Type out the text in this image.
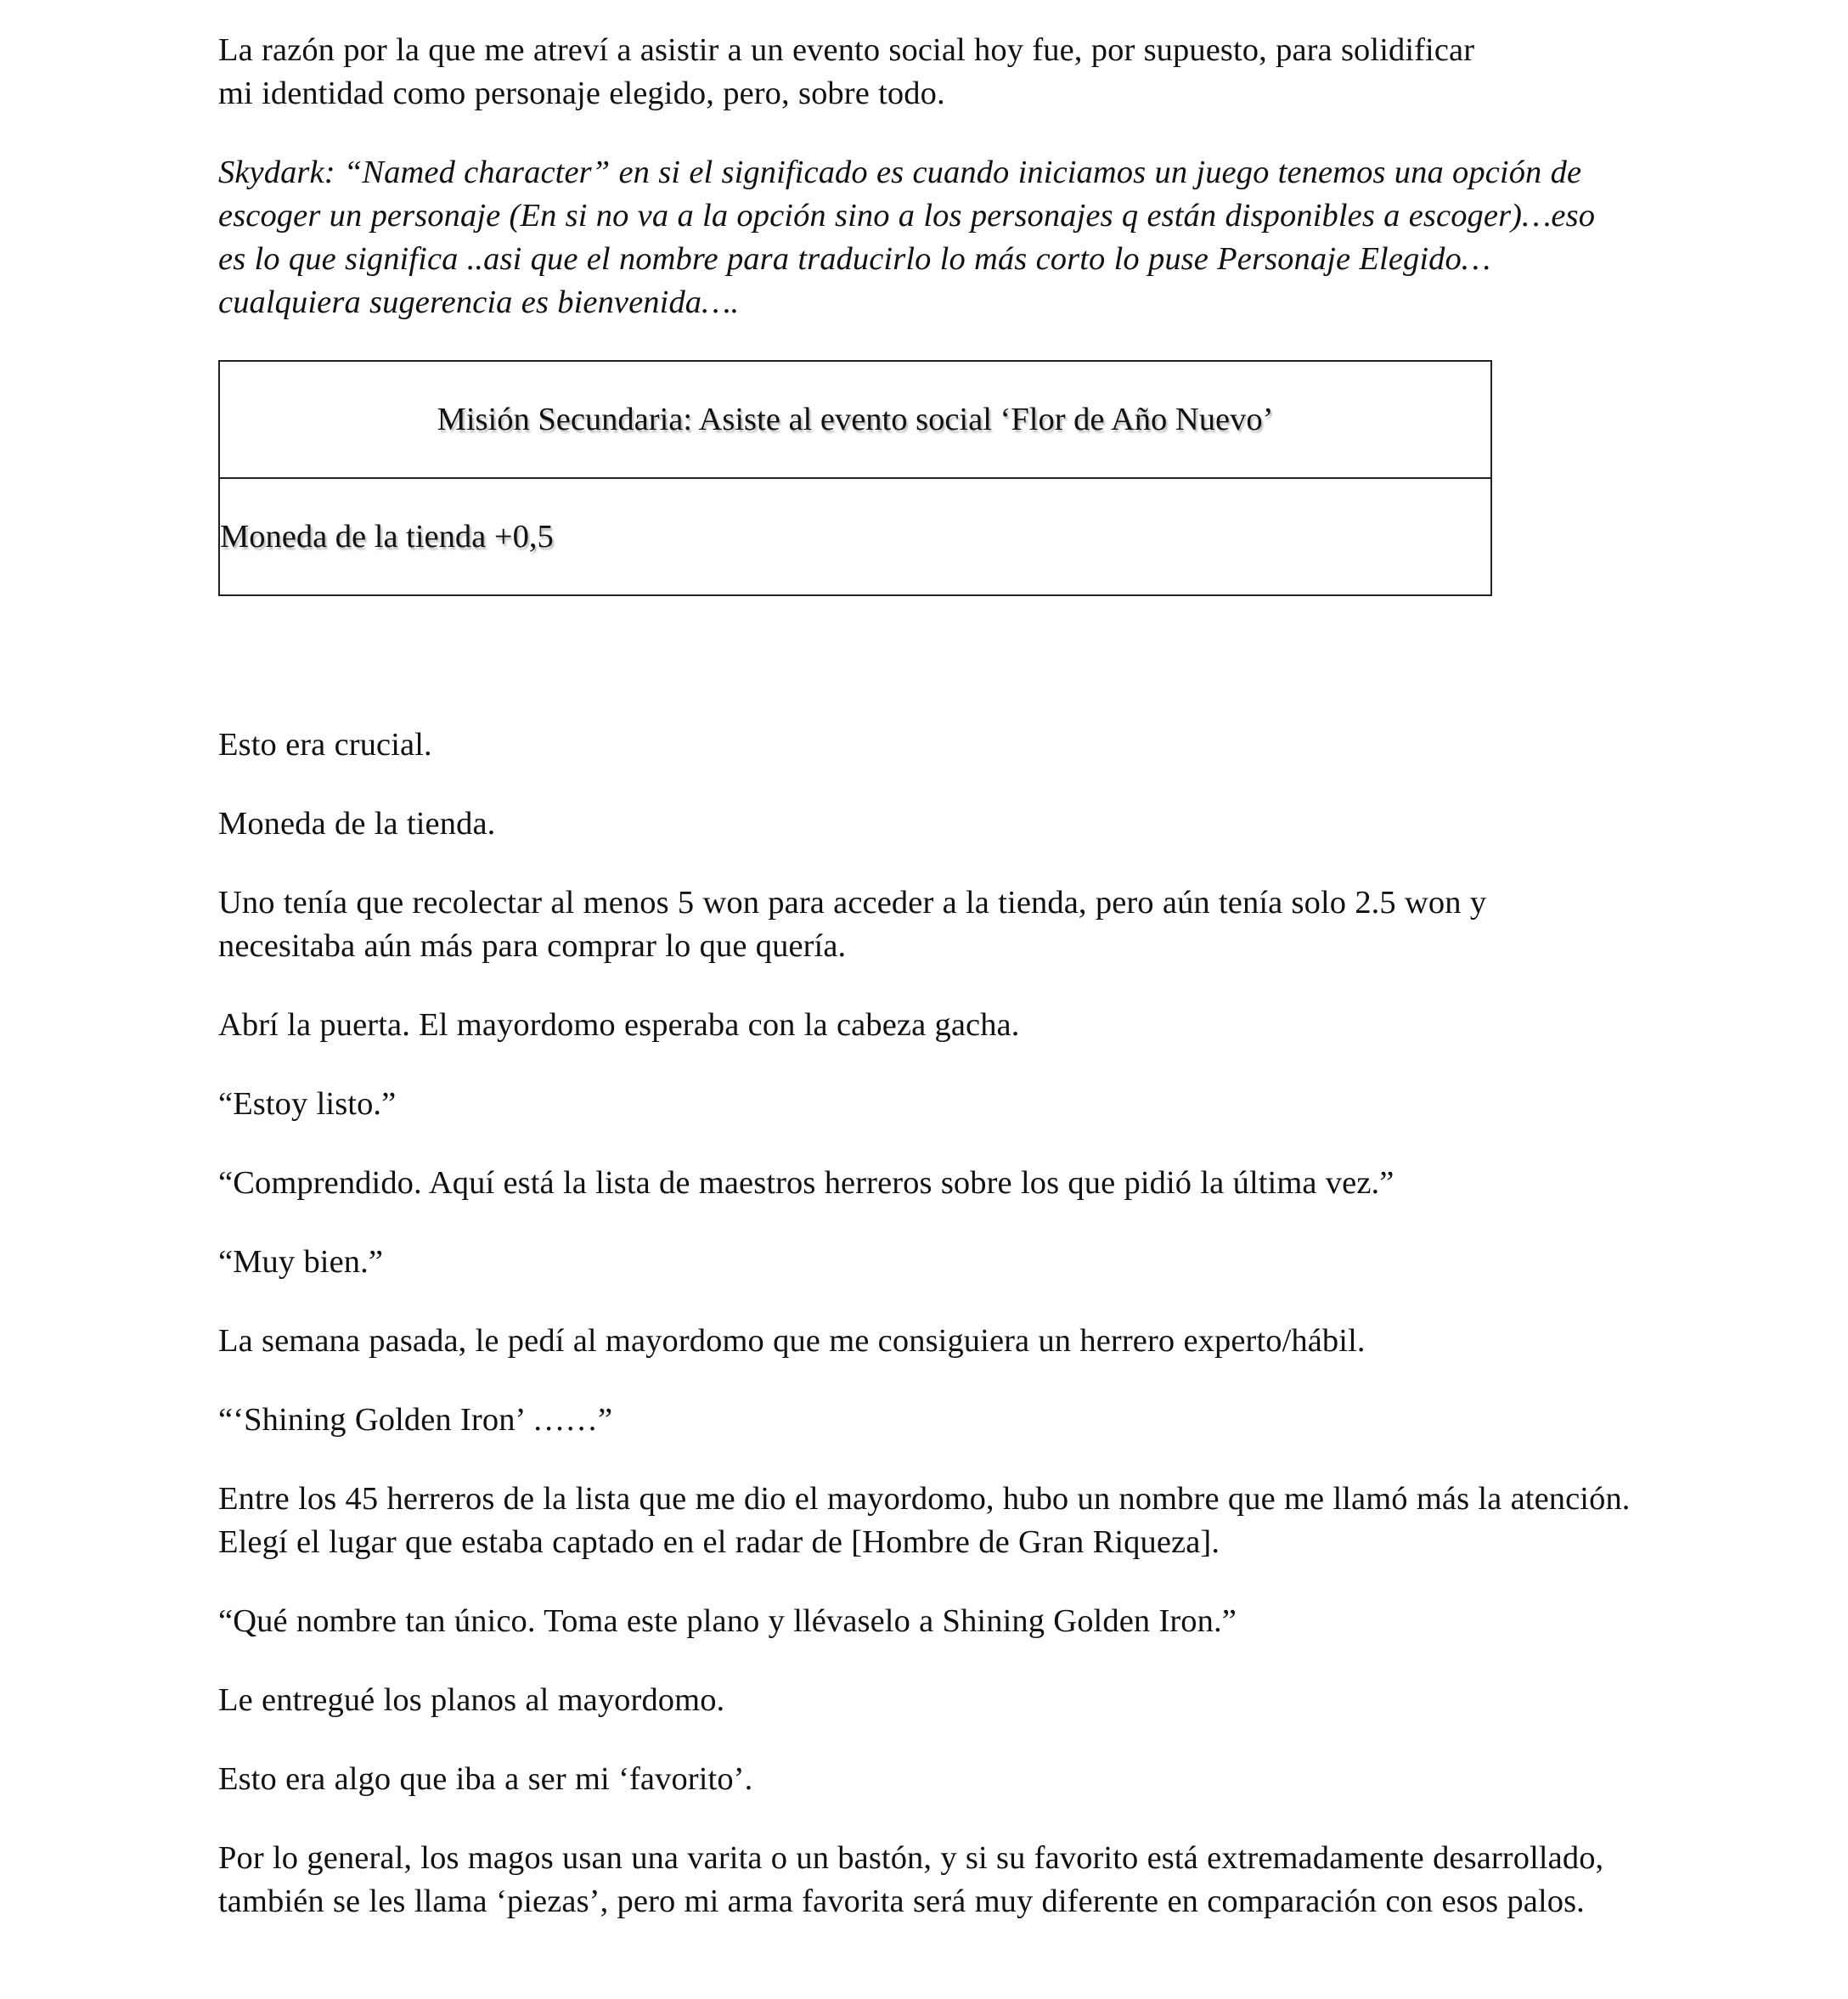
La razón por la que me atreví a asistir a un evento social hoy fue, por supuesto, para solidificar mi identidad como personaje elegido, pero, sobre todo.

Skydark: “Named character” en si el significado es cuando iniciamos un juego tenemos una opción de escoger un personaje (En si no va a la opción sino a los personajes q están disponibles a escoger)…eso es lo que significa ..asi que el nombre para traducirlo lo más corto lo puse Personaje Elegido…cualquiera sugerencia es bienvenida….

Misión Secundaria: Asiste al evento social ‘Flor de Año Nuevo’
Moneda de la tienda +0,5

Esto era crucial.

Moneda de la tienda.

Uno tenía que recolectar al menos 5 won para acceder a la tienda, pero aún tenía solo 2.5 won y necesitaba aún más para comprar lo que quería.

Abrí la puerta. El mayordomo esperaba con la cabeza gacha.

“Estoy listo.”

“Comprendido. Aquí está la lista de maestros herreros sobre los que pidió la última vez.”

“Muy bien.”

La semana pasada, le pedí al mayordomo que me consiguiera un herrero experto/hábil.

“‘Shining Golden Iron’ ……”

Entre los 45 herreros de la lista que me dio el mayordomo, hubo un nombre que me llamó más la atención. Elegí el lugar que estaba captado en el radar de [Hombre de Gran Riqueza].

“Qué nombre tan único. Toma este plano y llévaselo a Shining Golden Iron.”

Le entregué los planos al mayordomo.

Esto era algo que iba a ser mi ‘favorito’.

Por lo general, los magos usan una varita o un bastón, y si su favorito está extremadamente desarrollado, también se les llama ‘piezas’, pero mi arma favorita será muy diferente en comparación con esos palos.
